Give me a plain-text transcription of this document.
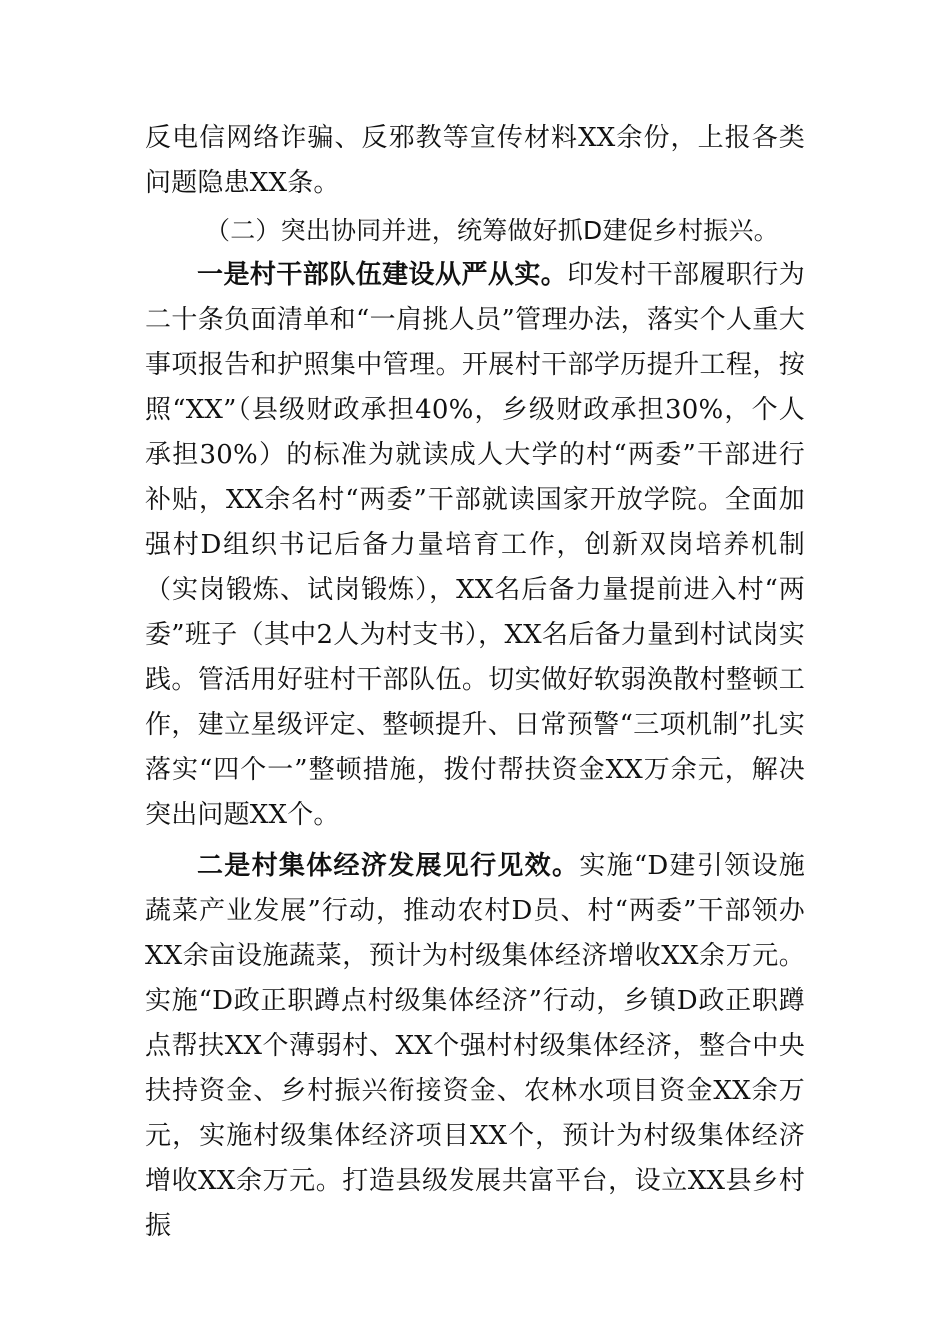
反电信网络诈骗、反邪教等宣传材料XX余份，上报各类问题隐患XX条。

（二）突出协同并进，统筹做好抓D建促乡村振兴。

一是村干部队伍建设从严从实。印发村干部履职行为二十条负面清单和“一肩挑人员”管理办法，落实个人重大事项报告和护照集中管理。开展村干部学历提升工程，按照“XX”（县级财政承担40%，乡级财政承担30%，个人承担30%）的标准为就读成人大学的村“两委”干部进行补贴，XX余名村“两委”干部就读国家开放学院。全面加强村D组织书记后备力量培育工作，创新双岗培养机制（实岗锻炼、试岗锻炼），XX名后备力量提前进入村“两委”班子（其中2人为村支书），XX名后备力量到村试岗实践。管活用好驻村干部队伍。切实做好软弱涣散村整顿工作，建立星级评定、整顿提升、日常预警“三项机制”扎实落实“四个一”整顿措施，拨付帮扶资金XX万余元，解决突出问题XX个。

二是村集体经济发展见行见效。实施“D建引领设施蔬菜产业发展”行动，推动农村D员、村“两委”干部领办XX余亩设施蔬菜，预计为村级集体经济增收XX余万元。实施“D政正职蹲点村级集体经济”行动，乡镇D政正职蹲点帮扶XX个薄弱村、XX个强村村级集体经济，整合中央扶持资金、乡村振兴衔接资金、农林水项目资金XX余万元，实施村级集体经济项目XX个，预计为村级集体经济增收XX余万元。打造县级发展共富平台，设立XX县乡村振
